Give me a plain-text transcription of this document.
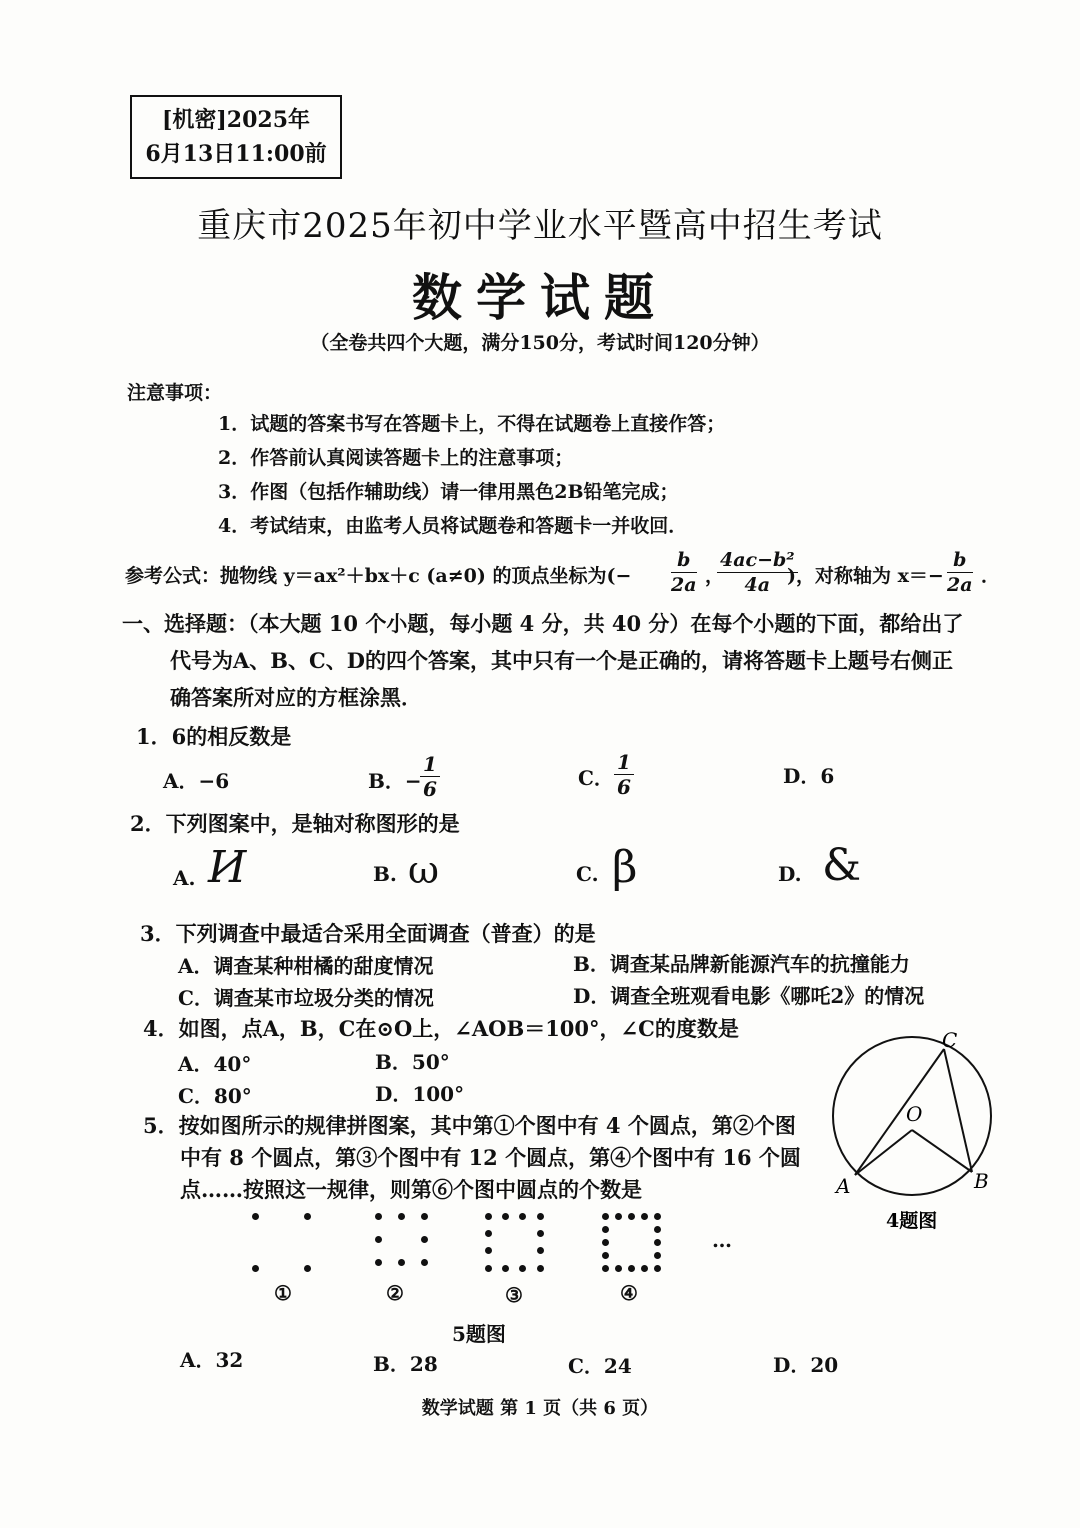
[机密]2025年
6月13日11:00前
重庆市2025年初中学业水平暨高中招生考试
数学试题
（全卷共四个大题，满分150分，考试时间120分钟）
注意事项：
1．试题的答案书写在答题卡上，不得在试题卷上直接作答；
2．作答前认真阅读答题卡上的注意事项；
3．作图（包括作辅助线）请一律用黑色2B铅笔完成；
4．考试结束，由监考人员将试题卷和答题卡一并收回．
参考公式：抛物线 y＝ax²＋bx＋c (a≠0) 的顶点坐标为(− $\frac{b}{2a}$ ，
$\frac{\text{4ac−b²}}{4a}$
)，对称轴为 $x=- \frac{b}{2a}$ ．
一、选择题：（本大题 10 个小题，每小题 4 分，共 40 分）在每个小题的下面，都给出了
代号为A、B、C、D的四个答案，其中只有一个是正确的，请将答题卡上题号右侧正
确答案所对应的方框涂黑．
1．6的相反数是
A．−6	B．−
$\frac{1}{6}$	C． $\frac{1}{6}$	D．6
2．下列图案中，是轴对称图形的是
A. И	B. ω	C. β	D. &
3．下列调查中最适合采用全面调查（普查）的是
A．调查某种柑橘的甜度情况	B．调查某品牌新能源汽车的抗撞能力
C．调查某市垃圾分类的情况	D．调查全班观看电影《哪吒2》的情况
4．如图，点A，B，C在⊙O上，∠AOB＝100°，∠C的度数是
A．40°	B．50°
C．80°	D．100°
C
O
A	B
4题图
5．按如图所示的规律拼图案，其中第①个图中有 4 个圆点，第②个图
中有 8 个圆点，第③个图中有 12 个圆点，第④个图中有 16 个圆
点……按照这一规律，则第⑥个图中圆点的个数是
①	②	③	④
…
5题图
A．32	B．28	C．24	D．20
数学试题 第 1 页（共 6 页）
